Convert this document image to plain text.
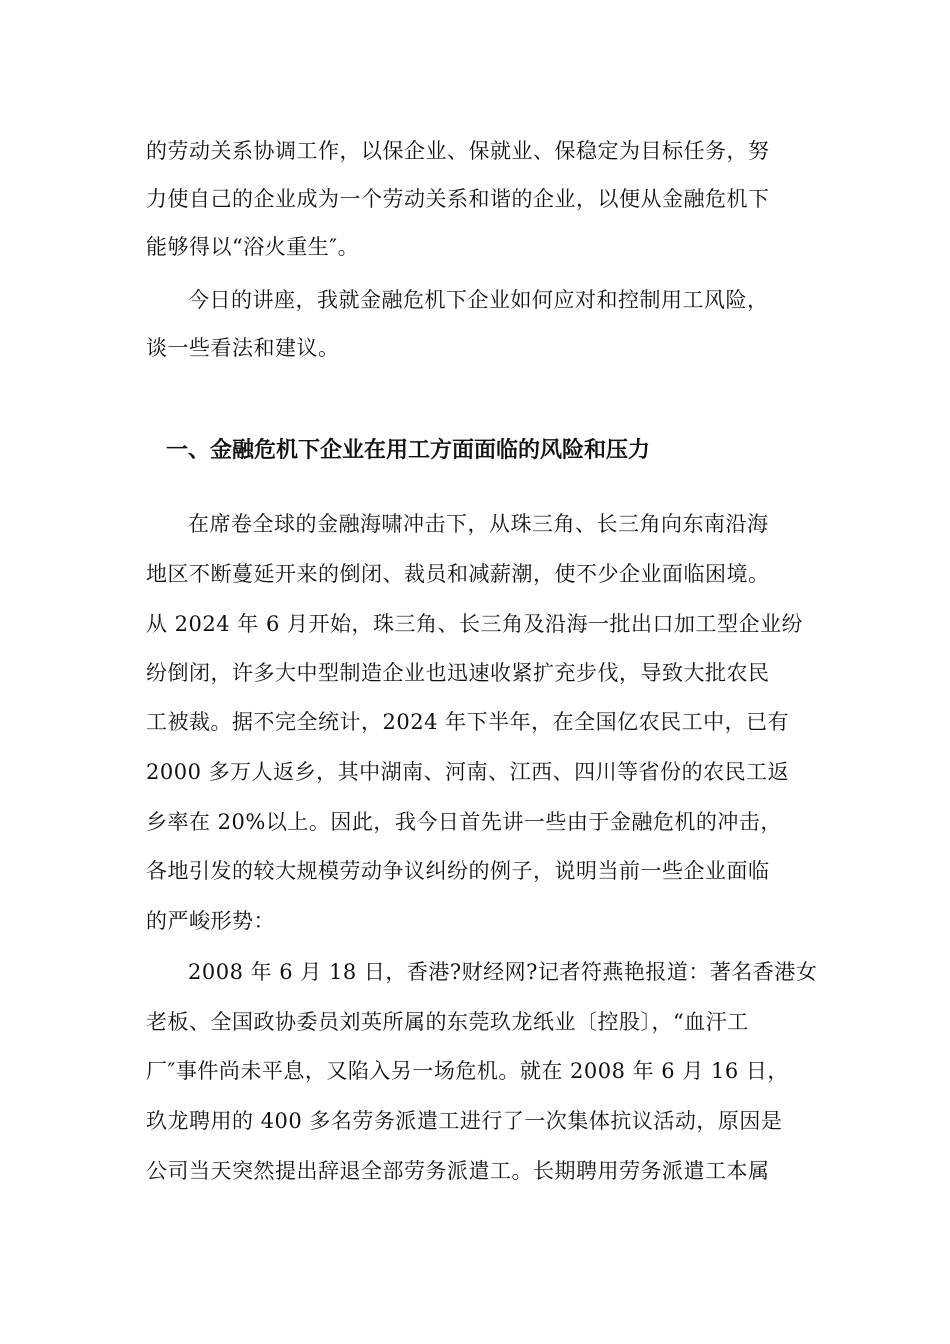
的劳动关系协调工作，以保企业、保就业、保稳定为目标任务，努
力使自己的企业成为一个劳动关系和谐的企业，以便从金融危机下
能够得以“浴火重生″。
今日的讲座，我就金融危机下企业如何应对和控制用工风险，
谈一些看法和建议。
一、金融危机下企业在用工方面面临的风险和压力
在席卷全球的金融海啸冲击下，从珠三角、长三角向东南沿海
地区不断蔓延开来的倒闭、裁员和减薪潮，使不少企业面临困境。
从 2024 年 6 月开始，珠三角、长三角及沿海一批出口加工型企业纷
纷倒闭，许多大中型制造企业也迅速收紧扩充步伐，导致大批农民
工被裁。据不完全统计，2024 年下半年，在全国亿农民工中，已有
2000 多万人返乡，其中湖南、河南、江西、四川等省份的农民工返
乡率在 20%以上。因此，我今日首先讲一些由于金融危机的冲击，
各地引发的较大规模劳动争议纠纷的例子，说明当前一些企业面临
的严峻形势：
2008 年 6 月 18 日，香港?财经网?记者符燕艳报道：著名香港女
老板、全国政协委员刘英所属的东莞玖龙纸业〔控股〕，“血汗工
厂″事件尚未平息，又陷入另一场危机。就在 2008 年 6 月 16 日，
玖龙聘用的 400 多名劳务派遣工进行了一次集体抗议活动，原因是
公司当天突然提出辞退全部劳务派遣工。长期聘用劳务派遣工本属
